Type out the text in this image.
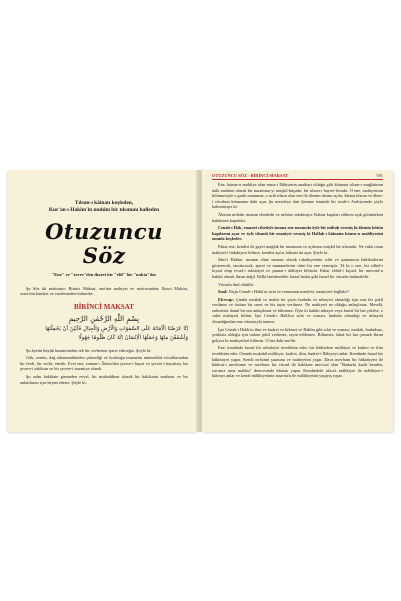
Tılsım-ı kâinatı keşfeden,
Kur'an-ı Hakîm'in muhîm bir tılsımını halleden
Otuzuncu Söz
"Ene" ve "zerre"den ibaret bir "elif" bir "nokta"dır.

Şu Söz iki maksattır: Birinci Maksat, ene'nin mahiyet ve neticesinden; İkinci Maksat, zerre'nin hareket ve vazifesinden bahseder.

BİRİNCİ MAKSAT
بِسْمِ اللّٰهِ الرَّحْمٰنِ الرَّحِيمِ
اِنَّا عَرَضْنَا الْاَمَانَةَ عَلَى السَّمٰوَاتِ وَالْاَرْضِ وَالْجِبَالِ فَاَبَيْنَ اَنْ يَحْمِلْنَهَا
وَاَشْفَقْنَ مِنْهَا وَحَمَلَهَا الْاِنْسَانُ اِنَّهُ كَانَ ظَلُومًا جَهُولًا

Şu âyetin büyük hazinesinden tek bir cevherine işaret edeceğiz. Şöyle ki:

Gök, zemin, dağ tahammülünden çekindiği ve korktuğu emanetin müteaddid vücuhlarından bir ferdi, bir vechi, enedir. Evet ene, zaman-ı Âdem'den şecere-i hayat ve şecere-i hayattan, bir şecere-i zakkum ve bir şecere-i nuraniye olarak

Şu azîm hakikate girmeden evvel, bir mukaddime olarak bir hakikatin anahtarı ve bir anlatılması için beyan ederiz. Şöyle ki:

OTUZUNCU SÖZ · BİRİNCİ MAKSAT	591

Ene, künuz-u mahfiye olan esma-i İlâhiyenin anahtarı olduğu gibi kâinatın tılsım-ı muğlakının dahi anahtarı olarak bir muamma-yı müşkil-küşadır, bir tılsım-ı hayret-fezadır. O ene, mahiyetinin bilinmesiyle o garib muamma, o acib tılsım olan ene ile âlemin tılsımı açılır, kâinat tılsımı ve âlem-i vücubun künuzunu dahi açar. Şu meseleye dair Şemme isminde bir risale-i Arabiyemde şöyle bahsetmişiz ki:

Âlemin miftahı insanın elindedir ve nefsine takılmıştır. Kâinat kapıları zâhiren açık görünürken hakikaten kapalıdır.

Cenab-ı Hak, emanet cihetiyle insana ene namında öyle bir miftah vermiş ki âlemin bütün kapılarını açar ve öyle tılsımlı bir enaniyet vermiş ki Hallak-ı kâinatın künuz-u mahfiyesini onunla keşfeder.

Fakat ene, kendisi de gayet muğlak bir muamma ve açılması müşkil bir tılsımdır. Ne vakit onun mahiyet-i hakikiyesi bilinse, kendisi açılır, kâinatı da açar. Şöyle ki:

Sâni-i Hakîm, insanın eline emanet olarak rububiyetinin sıfât ve şuunatının hakikatlerini gösterecek, tanıttıracak, işaret ve numunelerini câmi bir ene vermiştir. Tâ ki o ene, bir vâhid-i kıyasî olup evsaf-ı rububiyet ve şuunat-ı ulûhiyet bilinsin. Fakat vâhid-i kıyasî, bir mevcud-u hakiki olmak lâzım değil. Belki hendesedeki farazî hatlar gibi farazî bir vücudu bulunabilir.

Vücudu ilmî olabilir.

Sual: Niçin Cenab-ı Hakk'ın sıfat ve esmasının marifeti, enaniyete bağlıdır?

Elcevap: Çünkü mutlak ve muhit bir şeyin hududu ve nihayeti olmadığı için ona bir şekil verilmez ve üstüne bir suret ve bir tayin verilmez. Ne mahiyeti ne olduğu anlaşılmaz. Meselâ, zulmetsiz daimî bir nur anlaşılmaz ve bilinmez. Öyle ki hakiki nihayet veya farazî bir hat çekilse, o vakit mahiyeti bilinir. İşte Cenab-ı Hak'kın sıfat ve esması, hududu olmadığı ve nihayeti olmadığından ene vâsıtasıyla tanınır.

İşte Cenab-ı Hakk'ın ilim ve kudret ve hikmet ve Rahîm gibi sıfat ve esması, mutlak, hududsuz, şerikisiz olduğu için onlara şekil verilmez, tayin edilemez. Bilinmez, fakat bir hat çizmek lâzım geliyor ki mahiyetleri bilinsin. O hat dahi ene'dir.

Ene, kendinde farazî bir rububiyet tevehhüm eder, bir hâdiselere mülkiyet ve kudret ve ilim tevehhüm eder. Onunla mukabil mülkiyet, kudret, ilim, kudret-i İlâhiyeyi anlar. Kendinde farazî bir hâkimiyet yapar. Kendi nefsinin şuurunu ve mahiyetini yaşar. Dava mevhum bir hâkimiyeti ile hâdisat-ı mevhume ve mevhum bir vücud ile hakikate mevcud olan "Budurki kadir benden, sırrımız sana malûm" derecesinde kâinatı yapar. Kendindeki ufacık mâlikiyet ile mâlikiyet-i kübrayı anlar ve kendi mâlikiyetinin tasarrufu ile mâlikiyetini yaşayış yaşar.
